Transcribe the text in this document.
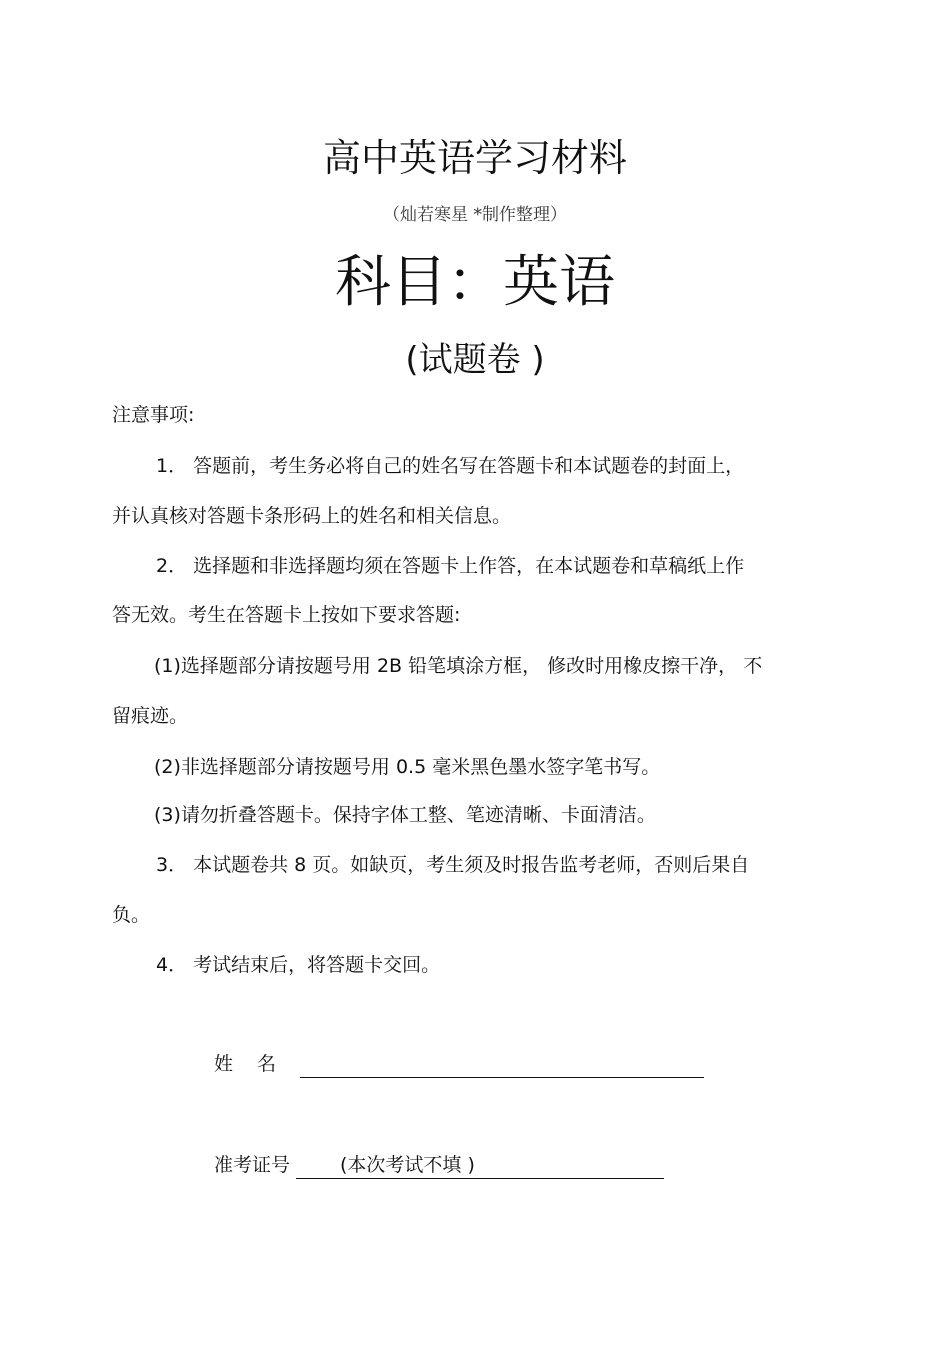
高中英语学习材料
（灿若寒星 *制作整理）
科目：英语
(试题卷 )
注意事项:
1． 答题前，考生务必将自己的姓名写在答题卡和本试题卷的封面上，
并认真核对答题卡条形码上的姓名和相关信息。
2． 选择题和非选择题均须在答题卡上作答，在本试题卷和草稿纸上作
答无效。考生在答题卡上按如下要求答题:
(1)选择题部分请按题号用 2B 铅笔填涂方框， 修改时用橡皮擦干净， 不
留痕迹。
(2)非选择题部分请按题号用 0.5 毫米黑色墨水签字笔书写。
(3)请勿折叠答题卡。保持字体工整、笔迹清晰、卡面清洁。
3． 本试题卷共 8 页。如缺页，考生须及时报告监考老师，否则后果自
负。
4． 考试结束后，将答题卡交回。
姓名
准考证号	(本次考试不填 )
